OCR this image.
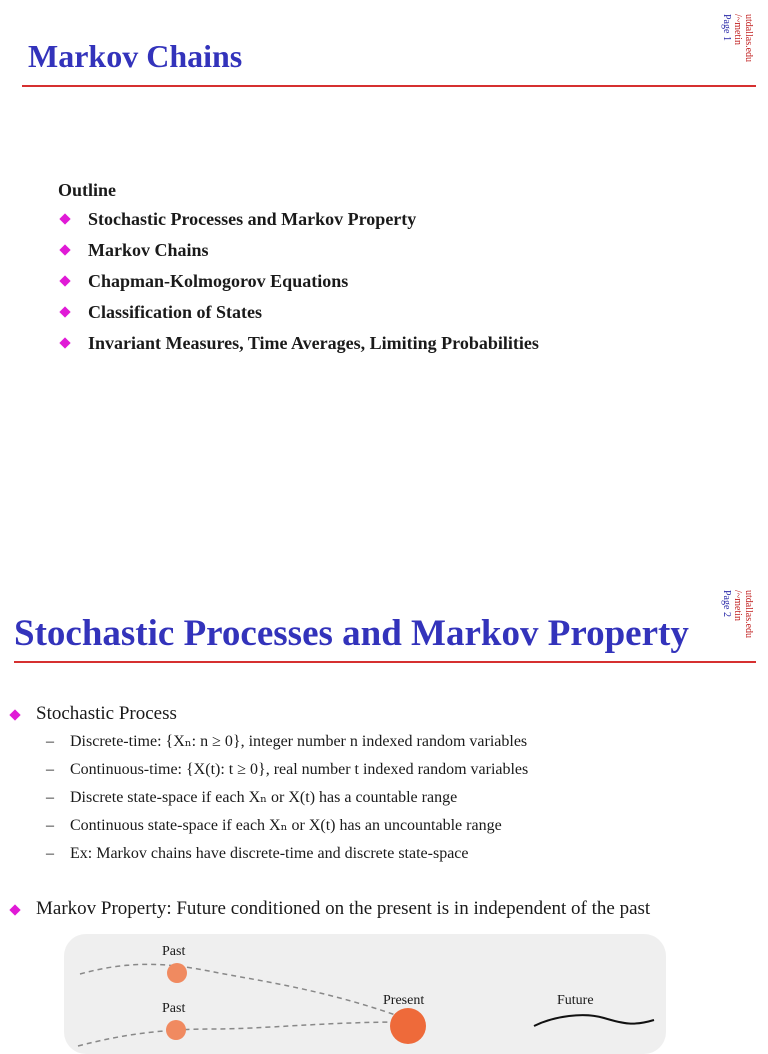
Markov Chains
utdallas.edu
/~metin
Page 1
Outline
Stochastic Processes and Markov Property
Markov Chains
Chapman-Kolmogorov Equations
Classification of States
Invariant Measures, Time Averages, Limiting Probabilities
Stochastic Processes and Markov Property
utdallas.edu
/~metin
Page 2
Stochastic Process
– Discrete-time: {Xₙ: n ≥ 0}, integer number n indexed random variables
– Continuous-time: {X(t): t ≥ 0}, real number t indexed random variables
– Discrete state-space if each Xₙ or X(t) has a countable range
– Continuous state-space if each Xₙ or X(t) has an uncountable range
– Ex: Markov chains have discrete-time and discrete state-space
Markov Property: Future conditioned on the present is in independent of the past
Past
Past
Present	Future
